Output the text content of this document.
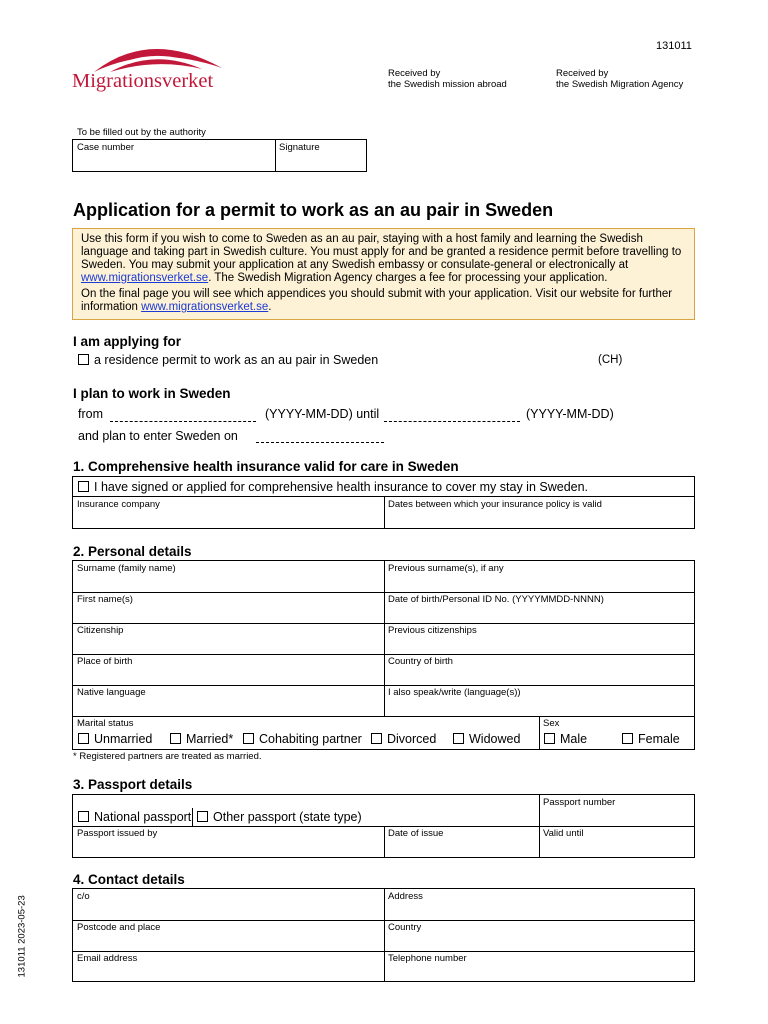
Migrationsverket
131011
Received by
the Swedish mission abroad
Received by
the Swedish Migration Agency
To be filled out by the authority
Case number	Signature
Application for a permit to work as an au pair in Sweden

Use this form if you wish to come to Sweden as an au pair, staying with a host family and learning the Swedish language and taking part in Swedish culture. You must apply for and be granted a residence permit before travelling to Sweden. You may submit your application at any Swedish embassy or consulate-general or electronically at www.migrationsverket.se. The Swedish Migration Agency charges a fee for processing your application.

On the final page you will see which appendices you should submit with your application. Visit our website for further information www.migrationsverket.se.

I am applying for
a residence permit to work as an au pair in Sweden	(CH)
I plan to work in Sweden
from	(YYYY-MM-DD) until	(YYYY-MM-DD)
and plan to enter Sweden on
1. Comprehensive health insurance valid for care in Sweden
I have signed or applied for comprehensive health insurance to cover my stay in Sweden.
Insurance company	Dates between which your insurance policy is valid
2. Personal details
Surname (family name)	Previous surname(s), if any
First name(s)	Date of birth/Personal ID No. (YYYYMMDD-NNNN)
Citizenship	Previous citizenships
Place of birth	Country of birth
Native language	I also speak/write (language(s))
Marital status
Unmarried	Married*	Cohabiting partner	Divorced	Widowed
Sex
Male	Female
* Registered partners are treated as married.
3. Passport details
National passport	Other passport (state type)
Passport number
Passport issued by	Date of issue	Valid until
4. Contact details
c/o	Address
Postcode and place	Country
Email address	Telephone number
131011 2023-05-23
